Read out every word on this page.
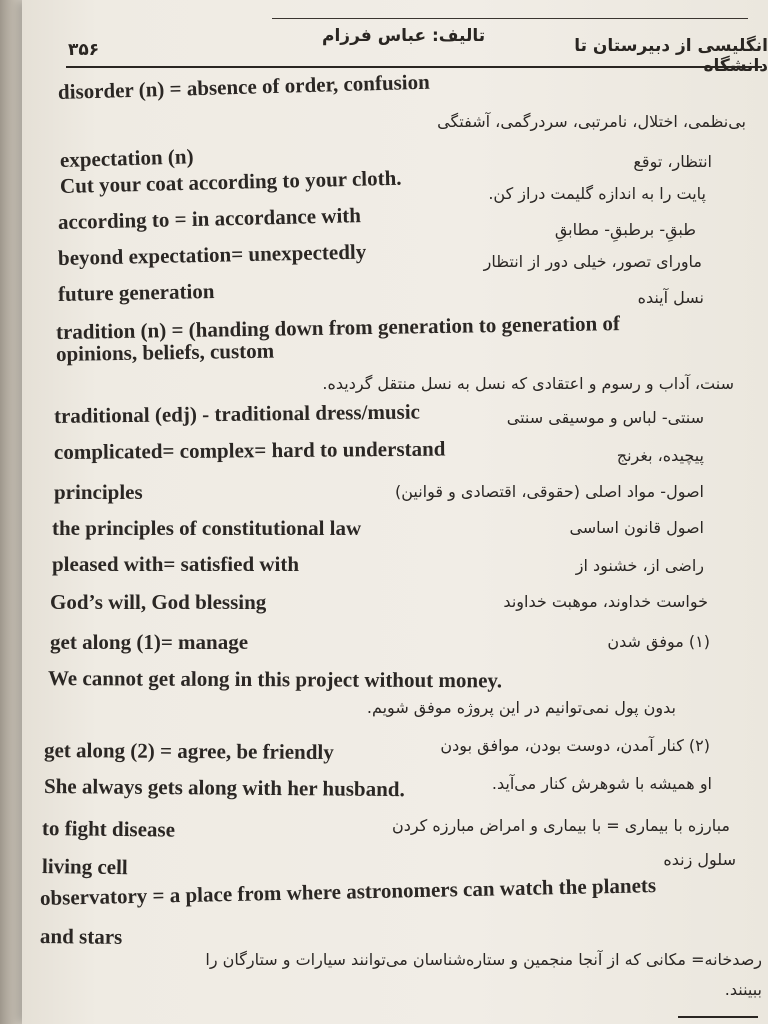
۳۵۶
تالیف: عباس فرزام	انگلیسی از دبیرستان تا دانشگاه
disorder (n) = absence of order, confusion
بی‌نظمی، اختلال، نامرتبی، سردرگمی، آشفتگی
expectation (n)	انتظار، توقع
Cut your coat according to your cloth.	پایت را به اندازه گلیمت دراز کن.
according to = in accordance with	طبقِ- برطبقِ- مطابقِ
beyond expectation= unexpectedly	ماورای تصور، خیلی دور از انتظار
future generation	نسل آینده
tradition (n) = (handing down from generation to generation of
opinions, beliefs, custom
سنت، آداب و رسوم و اعتقادی که نسل به نسل منتقل گردیده.
traditional (edj) - traditional dress/music	سنتی- لباس و موسیقی سنتی
complicated= complex= hard to understand	پیچیده، بغرنج
principles	اصول- مواد اصلی (حقوقی، اقتصادی و قوانین)
the principles of constitutional law	اصول قانون اساسی
pleased with= satisfied with	راضی از، خشنود از
God’s will, God blessing	خواست خداوند، موهبت خداوند
get along (1)= manage	(۱) موفق شدن
We cannot get along in this project without money.
بدون پول نمی‌توانیم در این پروژه موفق شویم.
get along (2) = agree, be friendly	(۲) کنار آمدن، دوست بودن، موافق بودن
She always gets along with her husband.	او همیشه با شوهرش کنار می‌آید.
to fight disease	مبارزه با بیماری = با بیماری و امراض مبارزه کردن
living cell	سلول زنده
observatory = a place from where astronomers can watch the planets
and stars
رصدخانه= مکانی که از آنجا منجمین و ستاره‌شناسان می‌توانند سیارات و ستارگان را
ببینند.
